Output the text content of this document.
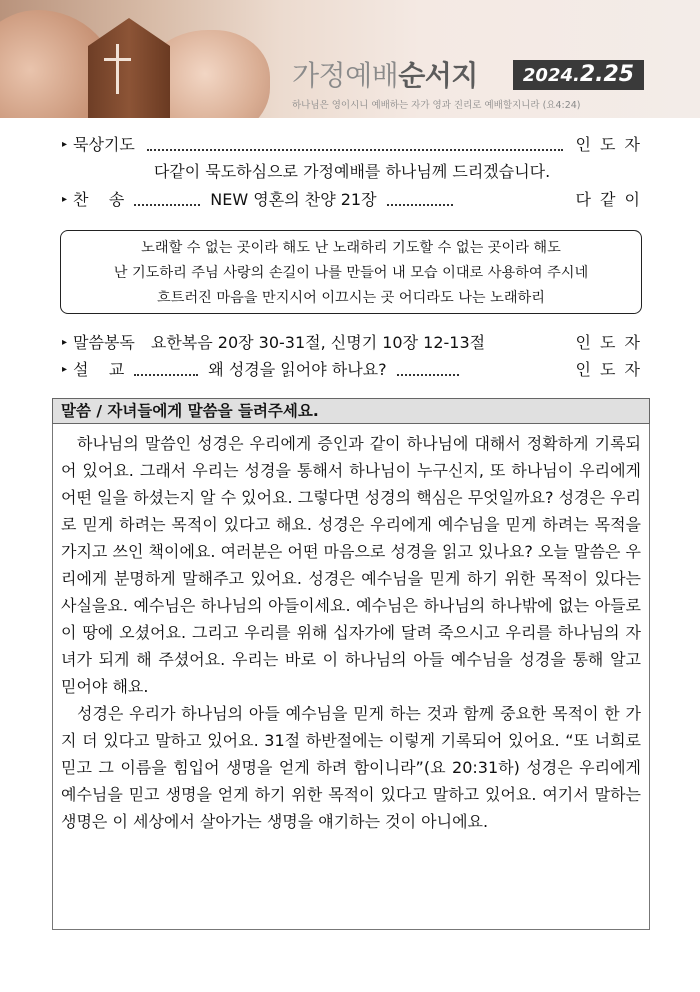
가정예배순서지	2024.2.25
하나님은 영이시니 예배하는 자가 영과 진리로 예배할지니라 (요4:24)
▸ 묵상기도	인 도 자
다같이 묵도하심으로 가정예배를 하나님께 드리겠습니다.
▸ 찬    송	NEW 영혼의 찬양 21장	다 같 이
노래할 수 없는 곳이라 해도 난 노래하리 기도할 수 없는 곳이라 해도
난 기도하리 주님 사랑의 손길이 나를 만들어 내 모습 이대로 사용하여 주시네
흐트러진 마음을 만지시어 이끄시는 곳 어디라도 나는 노래하리
▸ 말씀봉독 요한복음 20장 30-31절, 신명기 10장 12-13절	인 도 자
▸ 설    교	왜 성경을 읽어야 하나요?	인 도 자
말씀 / 자녀들에게 말씀을 들려주세요.

하나님의 말씀인 성경은 우리에게 증인과 같이 하나님에 대해서 정확하게 기록되어 있어요. 그래서 우리는 성경을 통해서 하나님이 누구신지, 또 하나님이 우리에게 어떤 일을 하셨는지 알 수 있어요. 그렇다면 성경의 핵심은 무엇일까요? 성경은 우리로 믿게 하려는 목적이 있다고 해요. 성경은 우리에게 예수님을 믿게 하려는 목적을 가지고 쓰인 책이에요. 여러분은 어떤 마음으로 성경을 읽고 있나요? 오늘 말씀은 우리에게 분명하게 말해주고 있어요. 성경은 예수님을 믿게 하기 위한 목적이 있다는 사실을요. 예수님은 하나님의 아들이세요. 예수님은 하나님의 하나밖에 없는 아들로 이 땅에 오셨어요. 그리고 우리를 위해 십자가에 달려 죽으시고 우리를 하나님의 자녀가 되게 해 주셨어요. 우리는 바로 이 하나님의 아들 예수님을 성경을 통해 알고 믿어야 해요.

성경은 우리가 하나님의 아들 예수님을 믿게 하는 것과 함께 중요한 목적이 한 가지 더 있다고 말하고 있어요. 31절 하반절에는 이렇게 기록되어 있어요. “또 너희로 믿고 그 이름을 힘입어 생명을 얻게 하려 함이니라”(요 20:31하) 성경은 우리에게 예수님을 믿고 생명을 얻게 하기 위한 목적이 있다고 말하고 있어요. 여기서 말하는 생명은 이 세상에서 살아가는 생명을 얘기하는 것이 아니에요.
